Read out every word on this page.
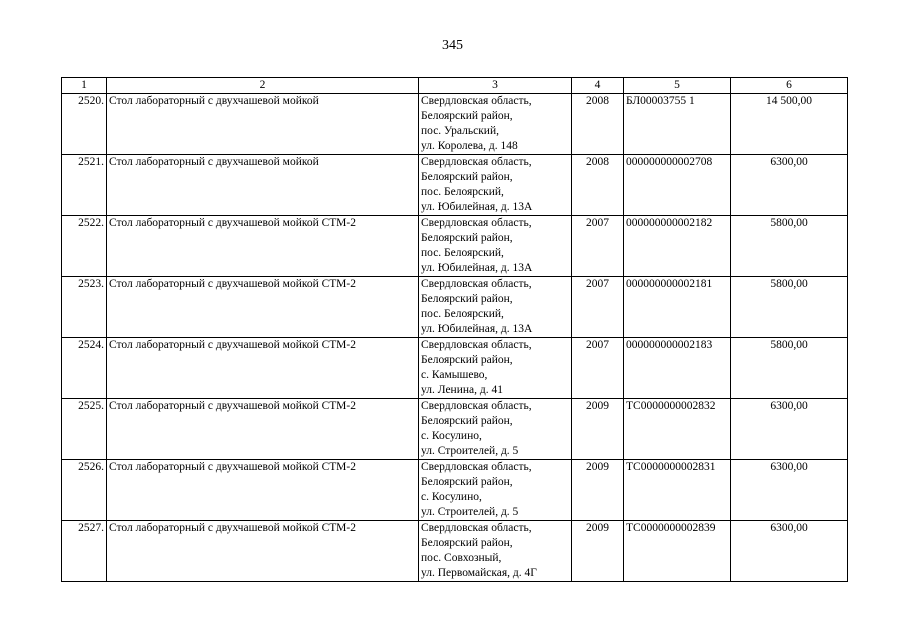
345
1	2	3	4	5	6
2520.	Стол лабораторный с двухчашевой мойкой	Свердловская область,
Белоярский район,
пос. Уральский,
ул. Королева, д. 148	2008	БЛ00003755 1	14 500,00
2521.	Стол лабораторный с двухчашевой мойкой	Свердловская область,
Белоярский район,
пос. Белоярский,
ул. Юбилейная, д. 13А	2008	000000000002708	6300,00
2522.	Стол лабораторный с двухчашевой мойкой СТМ-2	Свердловская область,
Белоярский район,
пос. Белоярский,
ул. Юбилейная, д. 13А	2007	000000000002182	5800,00
2523.	Стол лабораторный с двухчашевой мойкой СТМ-2	Свердловская область,
Белоярский район,
пос. Белоярский,
ул. Юбилейная, д. 13А	2007	000000000002181	5800,00
2524.	Стол лабораторный с двухчашевой мойкой СТМ-2	Свердловская область,
Белоярский район,
с. Камышево,
ул. Ленина, д. 41	2007	000000000002183	5800,00
2525.	Стол лабораторный с двухчашевой мойкой СТМ-2	Свердловская область,
Белоярский район,
с. Косулино,
ул. Строителей, д. 5	2009	ТС0000000002832	6300,00
2526.	Стол лабораторный с двухчашевой мойкой СТМ-2	Свердловская область,
Белоярский район,
с. Косулино,
ул. Строителей, д. 5	2009	ТС0000000002831	6300,00
2527.	Стол лабораторный с двухчашевой мойкой СТМ-2	Свердловская область,
Белоярский район,
пос. Совхозный,
ул. Первомайская, д. 4Г	2009	ТС0000000002839	6300,00
